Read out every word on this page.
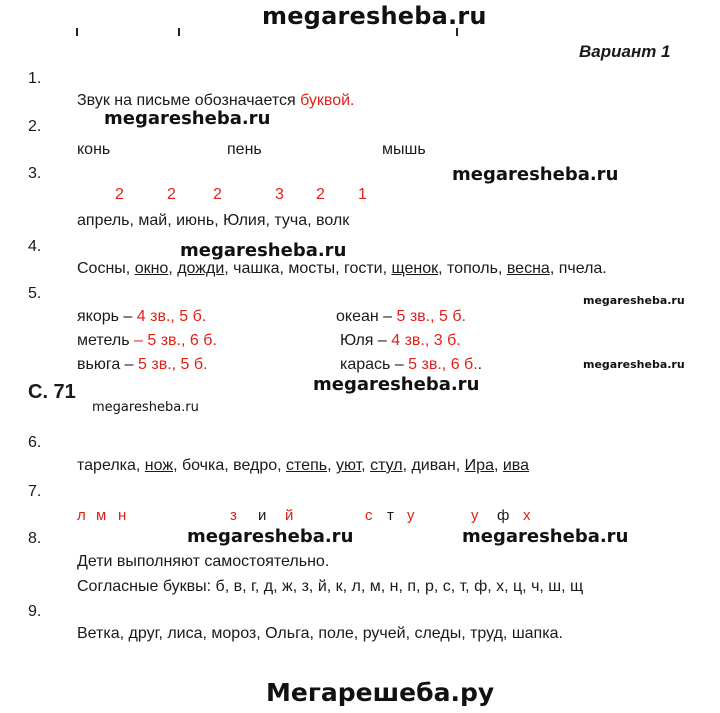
megaresheba.ru
megaresheba.ru
megaresheba.ru
megaresheba.ru
megaresheba.ru
megaresheba.ru
megaresheba.ru
megaresheba.ru
megaresheba.ru	megaresheba.ru
Мегарешеба.ру
Вариант 1
1.
Звук на письме обозначается буквой.
2.
конь	пень	мышь
3.
2	2 2	3 2 1
апрель, май, июнь, Юлия, туча, волк
4.
Сосны, окно, дожди, чашка, мосты, гости, щенок, тополь, весна, пчела.
5.
якорь – 4 зв., 5 б.	океан – 5 зв., 5 б.
метель – 5 зв., 6 б.	Юля – 4 зв., 3 б.
вьюга – 5 зв., 5 б.	карась – 5 зв., 6 б..
С. 71
6.
тарелка, нож, бочка, ведро, степь, уют, стул, диван, Ира, ива
7.
л м н	з и й	с т у	у ф х
8.
Дети выполняют самостоятельно.
Согласные буквы: б, в, г, д, ж, з, й, к, л, м, н, п, р, с, т, ф, х, ц, ч, ш, щ
9.
Ветка, друг, лиса, мороз, Ольга, поле, ручей, следы, труд, шапка.
